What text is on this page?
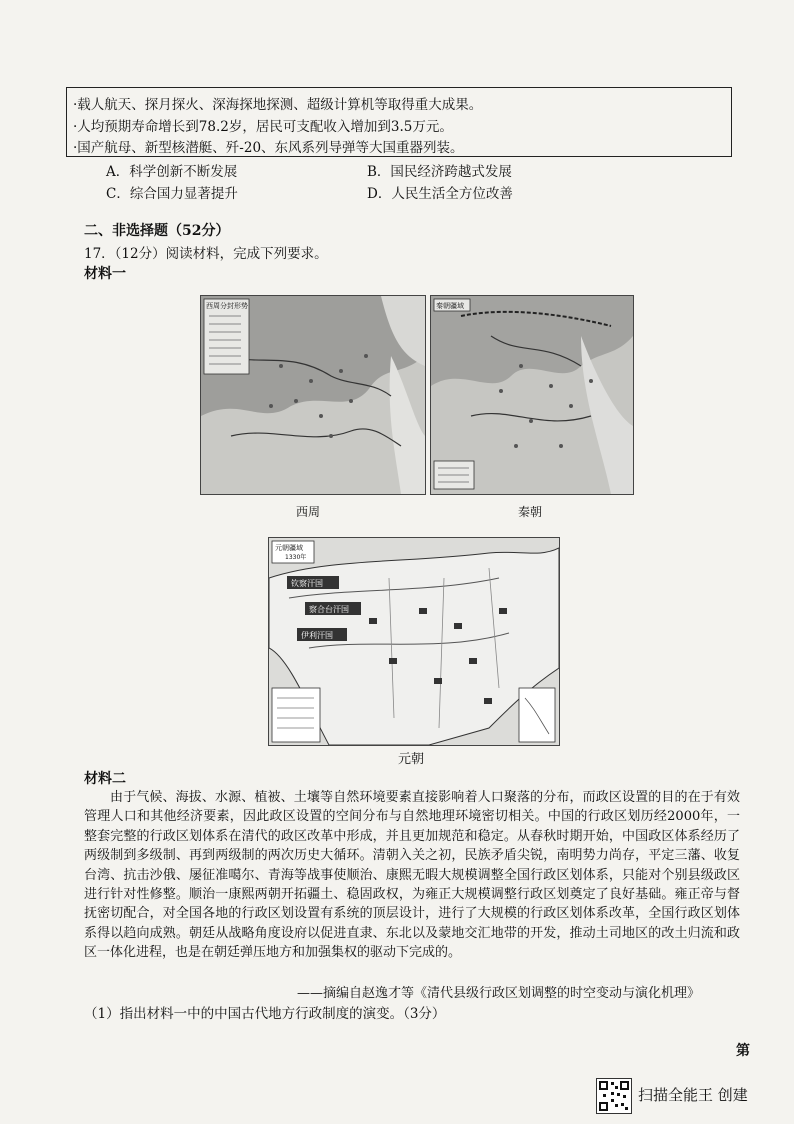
·载人航天、探月探火、深海探地探测、超级计算机等取得重大成果。
·人均预期寿命增长到78.2岁，居民可支配收入增加到3.5万元。
·国产航母、新型核潜艇、歼-20、东风系列导弹等大国重器列装。
A．科学创新不断发展	B．国民经济跨越式发展
C．综合国力显著提升	D．人民生活全方位改善
二、非选择题（52分）
17．（12分）阅读材料，完成下列要求。
材料一
西周分封形势
西周
秦朝疆域
秦朝
钦察汗国
察合台汗国
伊利汗国
元朝疆域
1330年
元朝
材料二

由于气候、海拔、水源、植被、土壤等自然环境要素直接影响着人口聚落的分布，而政区设置的目的在于有效管理人口和其他经济要素，因此政区设置的空间分布与自然地理环境密切相关。中国的行政区划历经2000年，一整套完整的行政区划体系在清代的政区改革中形成，并且更加规范和稳定。从春秋时期开始，中国政区体系经历了两级制到多级制、再到两级制的两次历史大循环。清朝入关之初，民族矛盾尖锐，南明势力尚存，平定三藩、收复台湾、抗击沙俄、屡征准噶尔、青海等战事使顺治、康熙无暇大规模调整全国行政区划体系，只能对个别县级政区进行针对性修整。顺治一康熙两朝开拓疆土、稳固政权，为雍正大规模调整行政区划奠定了良好基础。雍正帝与督抚密切配合，对全国各地的行政区划设置有系统的顶层设计，进行了大规模的行政区划体系改革，全国行政区划体系得以趋向成熟。朝廷从战略角度设府以促进直隶、东北以及蒙地交汇地带的开发，推动土司地区的改土归流和政区一体化进程，也是在朝廷弹压地方和加强集权的驱动下完成的。

——摘编自赵逸才等《清代县级行政区划调整的时空变动与演化机理》
（1）指出材料一中的中国古代地方行政制度的演变。（3分）
第
扫描全能王 创建
